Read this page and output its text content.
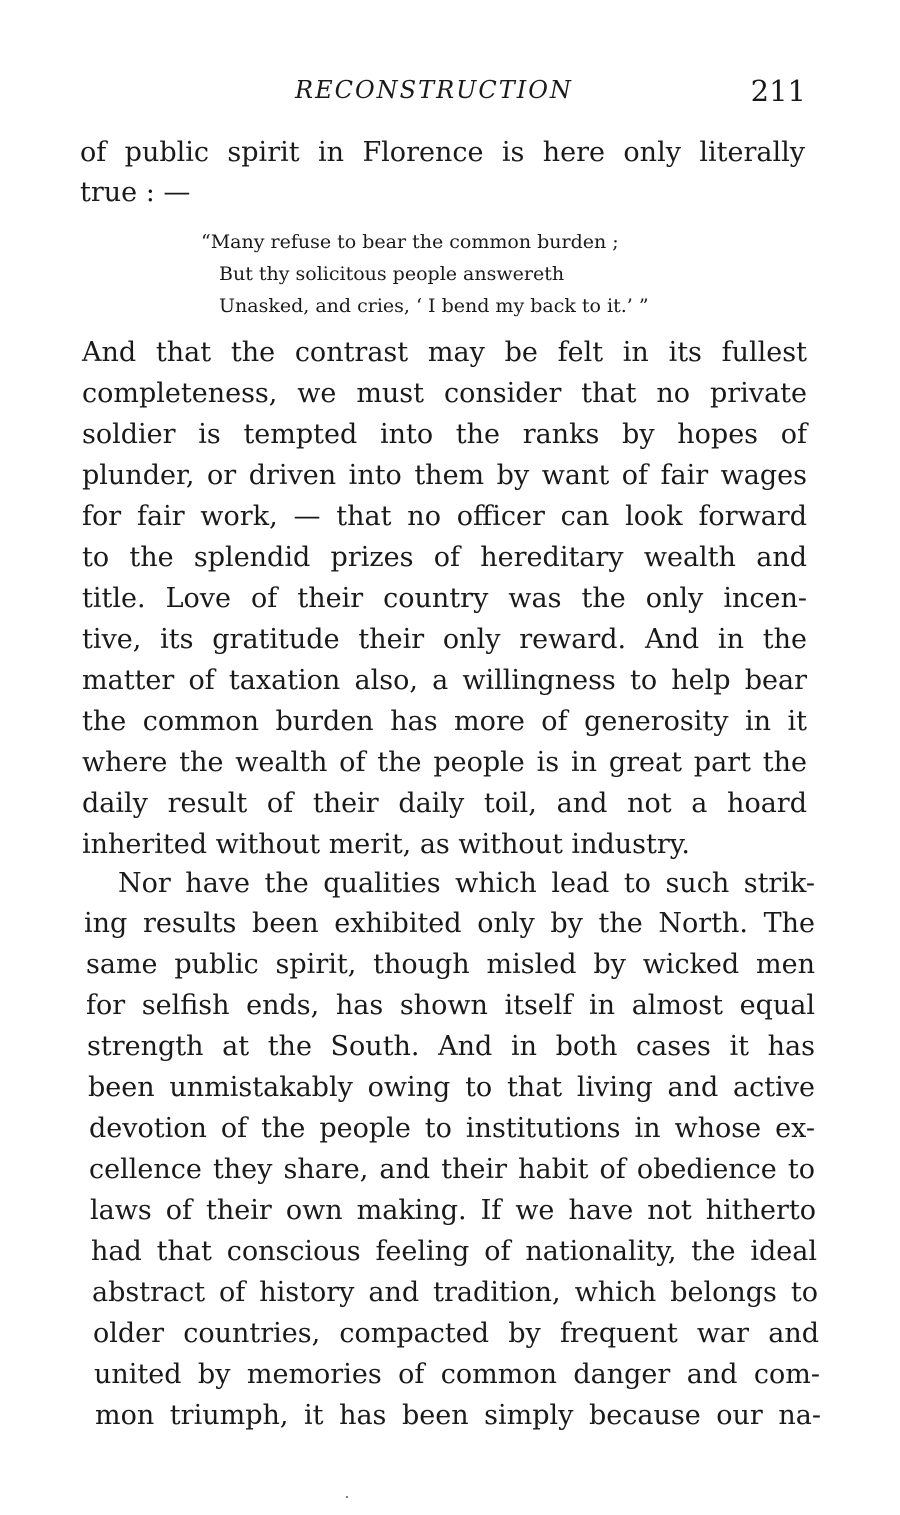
RECONSTRUCTION	211
of public spirit in Florence is here only literally
true : —
“Many refuse to bear the common burden ;
But thy solicitous people answereth
Unasked, and cries, ‘ I bend my back to it.’ ”
And that the contrast may be felt in its fullest
completeness, we must consider that no private
soldier is tempted into the ranks by hopes of
plunder, or driven into them by want of fair wages
for fair work, — that no officer can look forward
to the splendid prizes of hereditary wealth and
title. Love of their country was the only incen-
tive, its gratitude their only reward. And in the
matter of taxation also, a willingness to help bear
the common burden has more of generosity in it
where the wealth of the people is in great part the
daily result of their daily toil, and not a hoard
inherited without merit, as without industry.
Nor have the qualities which lead to such strik-
ing results been exhibited only by the North. The
same public spirit, though misled by wicked men
for selfish ends, has shown itself in almost equal
strength at the South. And in both cases it has
been unmistakably owing to that living and active
devotion of the people to institutions in whose ex-
cellence they share, and their habit of obedience to
laws of their own making. If we have not hitherto
had that conscious feeling of nationality, the ideal
abstract of history and tradition, which belongs to
older countries, compacted by frequent war and
united by memories of common danger and com-
mon triumph, it has been simply because our na-
